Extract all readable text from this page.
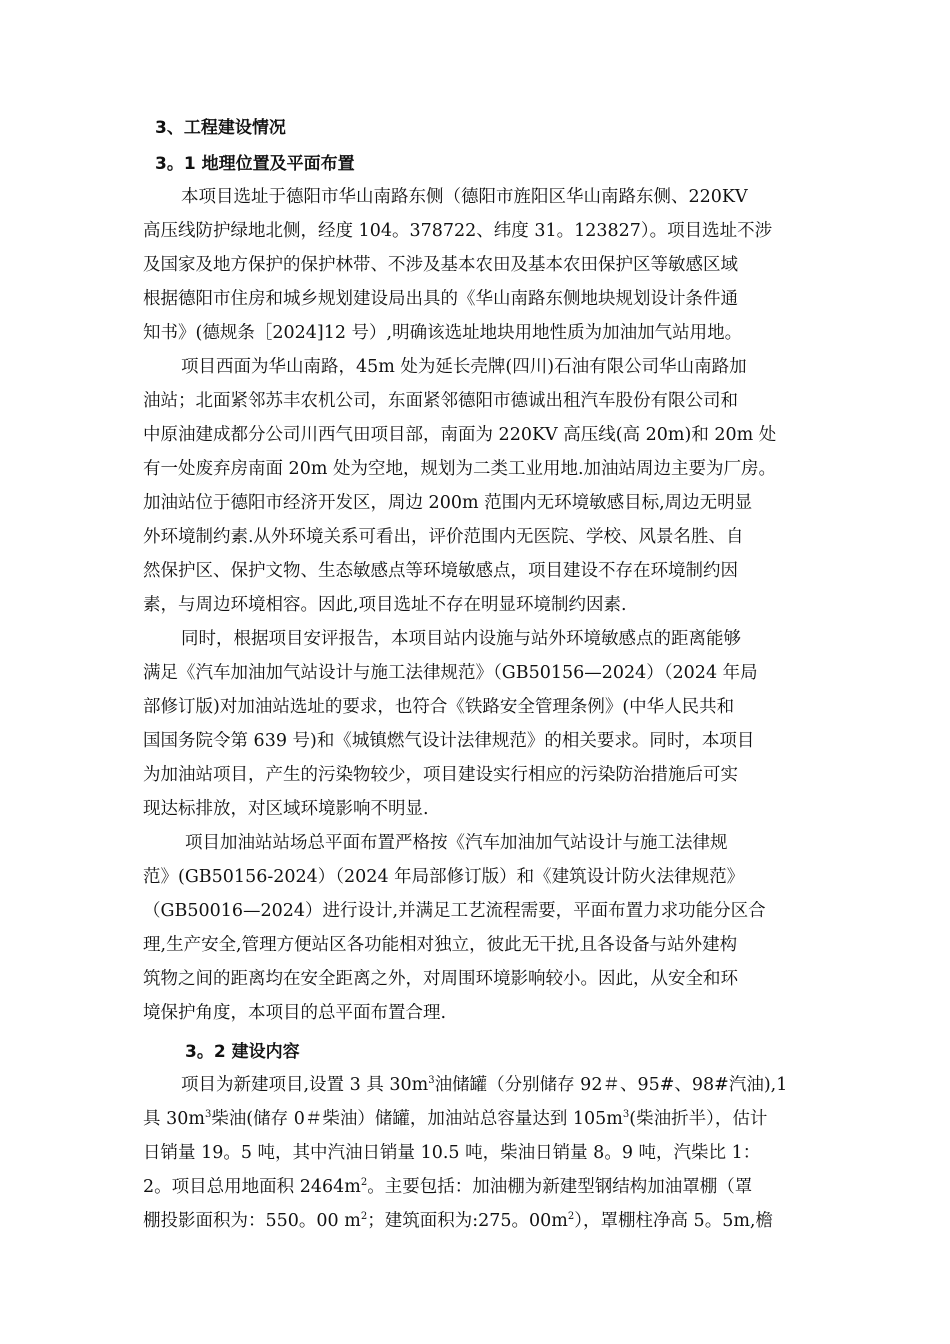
3、工程建设情况
3。1 地理位置及平面布置
本项目选址于德阳市华山南路东侧（德阳市旌阳区华山南路东侧、220KV
高压线防护绿地北侧，经度 104。378722、纬度 31。123827）。项目选址不涉
及国家及地方保护的保护林带、不涉及基本农田及基本农田保护区等敏感区域
根据德阳市住房和城乡规划建设局出具的《华山南路东侧地块规划设计条件通
知书》(德规条［2024]12 号）,明确该选址地块用地性质为加油加气站用地。
项目西面为华山南路，45m 处为延长壳牌(四川)石油有限公司华山南路加
油站；北面紧邻苏丰农机公司，东面紧邻德阳市德诚出租汽车股份有限公司和
中原油建成都分公司川西气田项目部，南面为 220KV 高压线(高 20m)和 20m 处
有一处废弃房南面 20m 处为空地，规划为二类工业用地.加油站周边主要为厂房。
加油站位于德阳市经济开发区，周边 200m 范围内无环境敏感目标,周边无明显
外环境制约素.从外环境关系可看出，评价范围内无医院、学校、风景名胜、自
然保护区、保护文物、生态敏感点等环境敏感点，项目建设不存在环境制约因
素，与周边环境相容。因此,项目选址不存在明显环境制约因素.
同时，根据项目安评报告，本项目站内设施与站外环境敏感点的距离能够
满足《汽车加油加气站设计与施工法律规范》（GB50156—2024）（2024 年局
部修订版)对加油站选址的要求，也符合《铁路安全管理条例》(中华人民共和
国国务院令第 639 号)和《城镇燃气设计法律规范》的相关要求。同时，本项目
为加油站项目，产生的污染物较少，项目建设实行相应的污染防治措施后可实
现达标排放，对区域环境影响不明显.
项目加油站站场总平面布置严格按《汽车加油加气站设计与施工法律规
范》(GB50156-2024）（2024 年局部修订版）和《建筑设计防火法律规范》
（GB50016—2024）进行设计,并满足工艺流程需要，平面布置力求功能分区合
理,生产安全,管理方便站区各功能相对独立，彼此无干扰,且各设备与站外建构
筑物之间的距离均在安全距离之外，对周围环境影响较小。因此，从安全和环
境保护角度，本项目的总平面布置合理.
3。2 建设内容
项目为新建项目,设置 3 具 $30m^3$油储罐（分别储存 92＃、95#、98#汽油),1
具 $30m^3$柴油(储存 0＃柴油）储罐，加油站总容量达到 $105m^3$(柴油折半），估计
日销量 19。5 吨，其中汽油日销量 10.5 吨，柴油日销量 8。9 吨，汽柴比 1：
2。项目总用地面积 $2464m^2$。主要包括：加油棚为新建型钢结构加油罩棚（罩
棚投影面积为：550。00 $m^2$；建筑面积为:275。$00m^2$），罩棚柱净高 5。5m,檐
